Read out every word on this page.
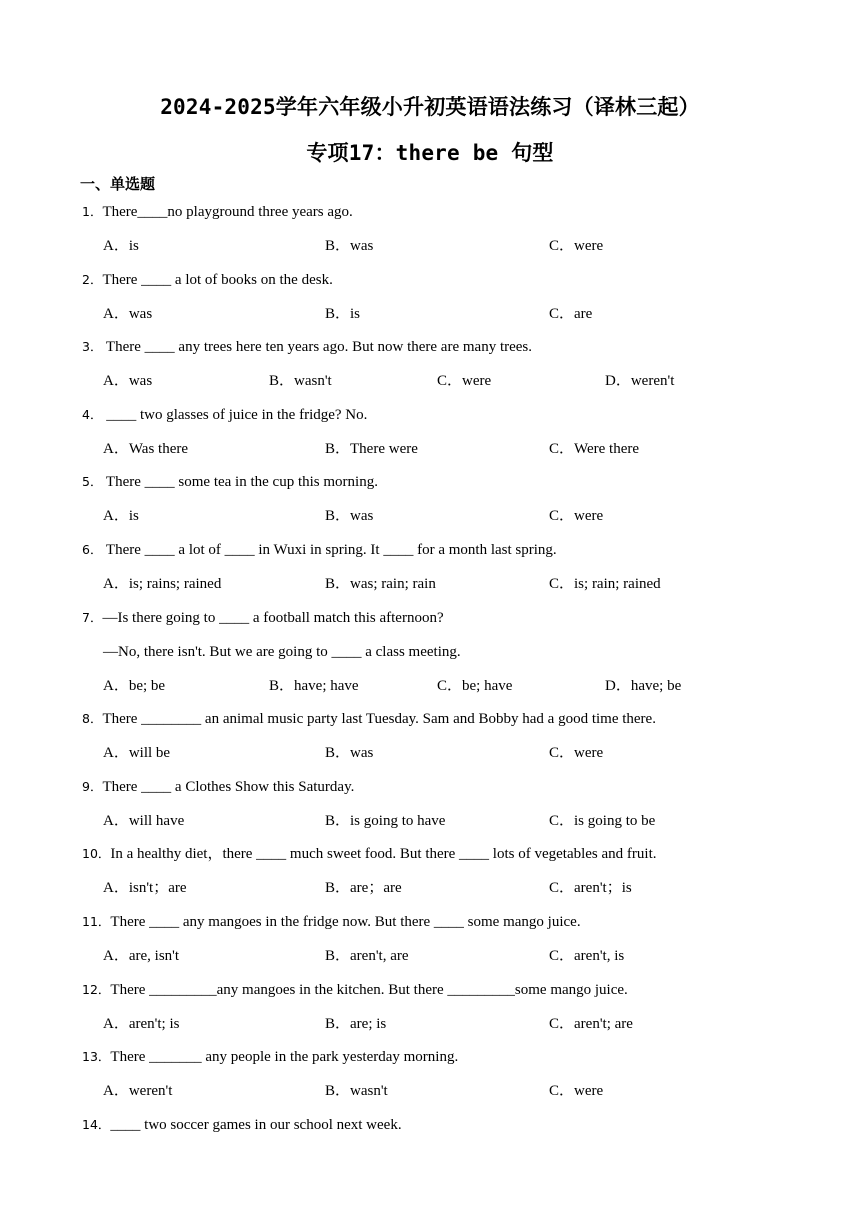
2024-2025学年六年级小升初英语语法练习（译林三起）
专项17：there be 句型
一、单选题
1．There____no playground three years ago.
A．is	B．was	C．were
2．There ____ a lot of books on the desk.
A．was	B．is	C．are
3． There ____ any trees here ten years ago. But now there are many trees.
A．was	B．wasn't	C．were	D．weren't
4． ____ two glasses of juice in the fridge? No.
A．Was there	B．There were	C．Were there
5． There ____ some tea in the cup this morning.
A．is	B．was	C．were
6． There ____ a lot of ____ in Wuxi in spring. It ____ for a month last spring.
A．is; rains; rained	B．was; rain; rain	C．is; rain; rained
7．—Is there going to ____ a football match this afternoon?
—No, there isn't. But we are going to ____ a class meeting.
A．be; be	B．have; have	C．be; have	D．have; be
8．There ________ an animal music party last Tuesday. Sam and Bobby had a good time there.
A．will be	B．was	C．were
9．There ____ a Clothes Show this Saturday.
A．will have	B．is going to have	C．is going to be
10．In a healthy diet，there ____ much sweet food. But there ____ lots of vegetables and fruit.
A．isn't；are	B．are；are	C．aren't；is
11．There ____ any mangoes in the fridge now. But there ____ some mango juice.
A．are, isn't	B．aren't, are	C．aren't, is
12．There _________any mangoes in the kitchen. But there _________some mango juice.
A．aren't; is	B．are; is	C．aren't; are
13．There _______ any people in the park yesterday morning.
A．weren't	B．wasn't	C．were
14．____ two soccer games in our school next week.
